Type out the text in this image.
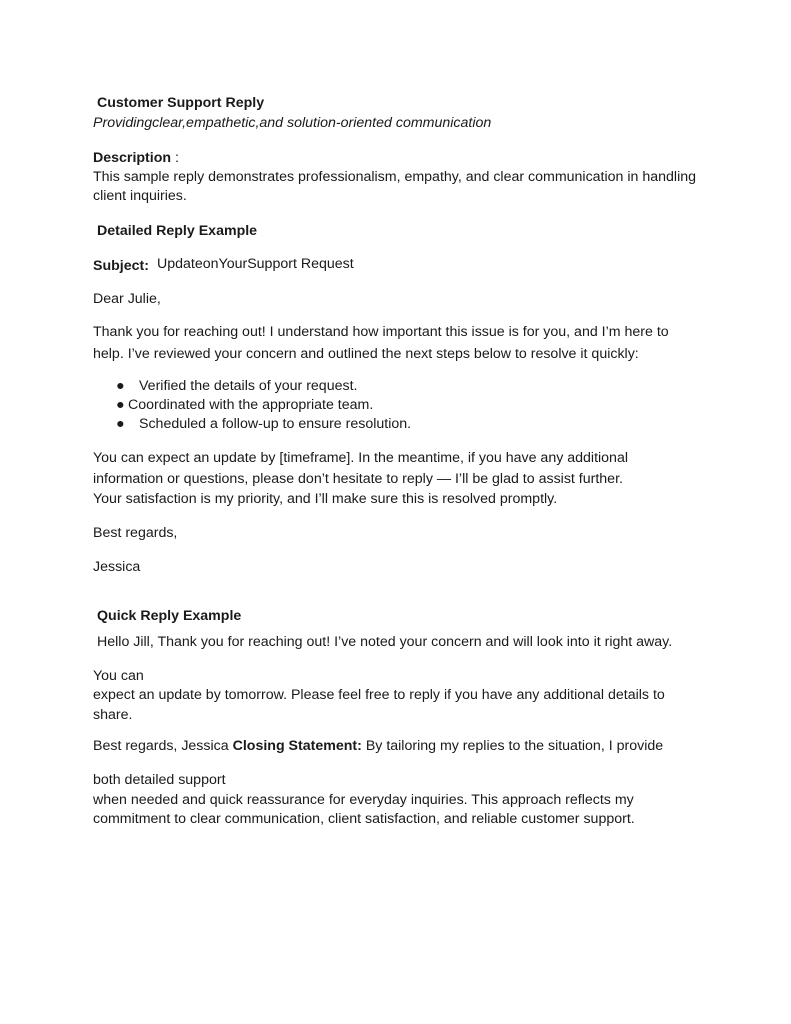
Customer Support Reply
Providingclear,empathetic,and solution-oriented communication
Description :
This sample reply demonstrates professionalism, empathy, and clear communication in handling
client inquiries.
Detailed Reply Example
Subject: UpdateonYourSupport Request
Dear Julie,
Thank you for reaching out! I understand how important this issue is for you, and I’m here to
help. I’ve reviewed your concern and outlined the next steps below to resolve it quickly:
● Verified the details of your request.
● Coordinated with the appropriate team.
● Scheduled a follow-up to ensure resolution.
You can expect an update by [timeframe]. In the meantime, if you have any additional
information or questions, please don’t hesitate to reply — I’ll be glad to assist further.
Your satisfaction is my priority, and I’ll make sure this is resolved promptly.
Best regards,
Jessica
Quick Reply Example
Hello Jill, Thank you for reaching out! I’ve noted your concern and will look into it right away.
You can
expect an update by tomorrow. Please feel free to reply if you have any additional details to
share.
Best regards, Jessica Closing Statement: By tailoring my replies to the situation, I provide
both detailed support
when needed and quick reassurance for everyday inquiries. This approach reflects my
commitment to clear communication, client satisfaction, and reliable customer support.
